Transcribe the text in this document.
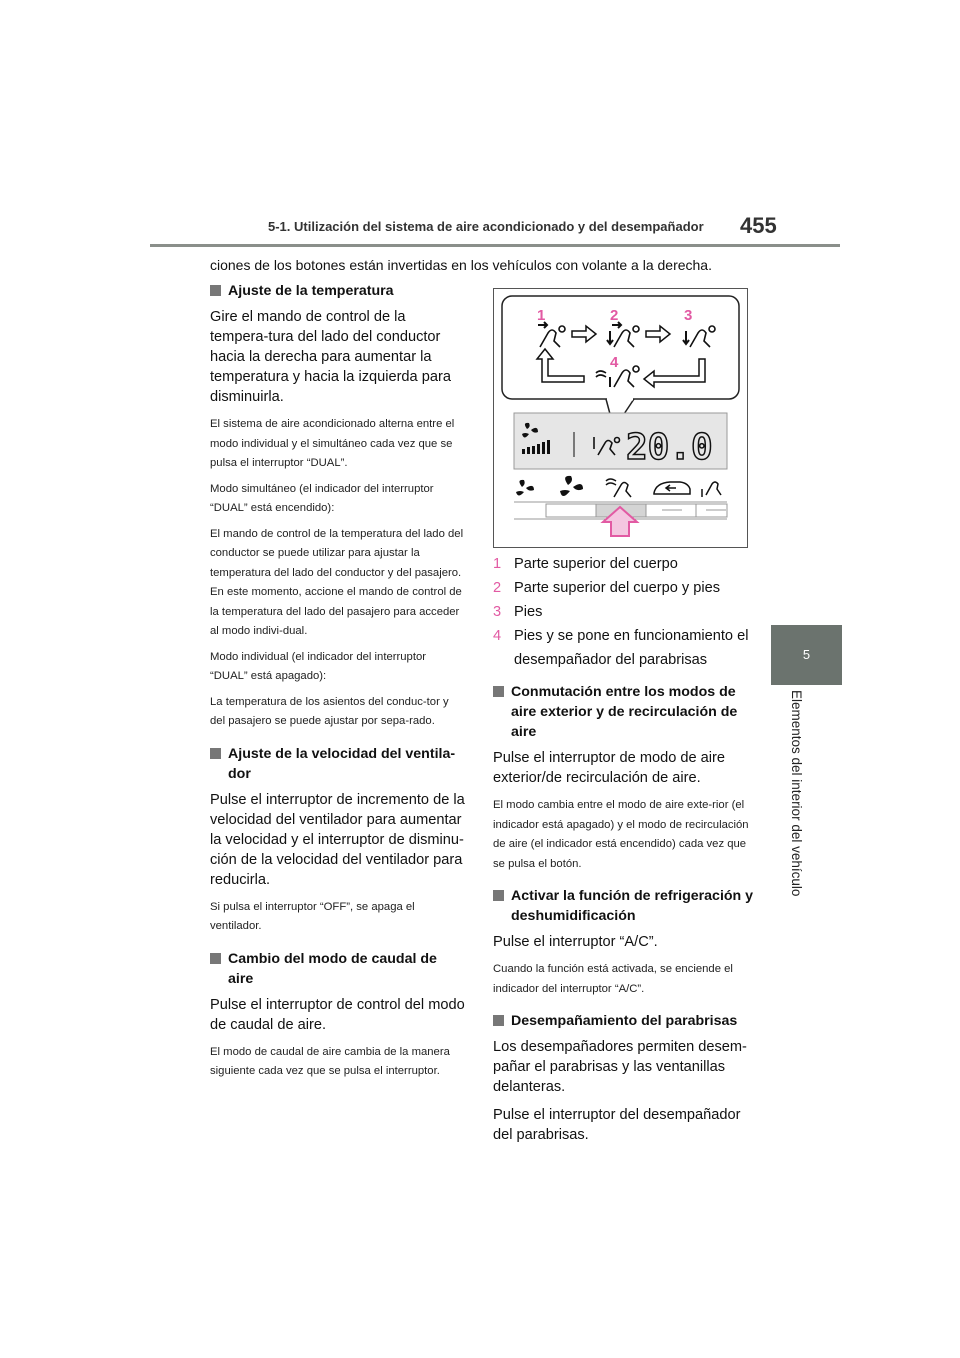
5-1. Utilización del sistema de aire acondicionado y del desempañador 455
5
Elementos del interior del vehículo
ciones de los botones están invertidas en los vehículos con volante a la derecha.
Ajuste de la temperatura

Gire el mando de control de la tempera-tura del lado del conductor hacia la derecha para aumentar la temperatura y hacia la izquierda para disminuirla.

El sistema de aire acondicionado alterna entre el modo individual y el simultáneo cada vez que se pulsa el interruptor “DUAL”.

Modo simultáneo (el indicador del interruptor “DUAL” está encendido):

El mando de control de la temperatura del lado del conductor se puede utilizar para ajustar la temperatura del lado del conductor y del pasajero. En este momento, accione el mando de control de la temperatura del lado del pasajero para acceder al modo indivi-dual.

Modo individual (el indicador del interruptor “DUAL” está apagado):

La temperatura de los asientos del conduc-tor y del pasajero se puede ajustar por sepa-rado.

Ajuste de la velocidad del ventila-dor

Pulse el interruptor de incremento de la velocidad del ventilador para aumentar la velocidad y el interruptor de disminu-ción de la velocidad del ventilador para reducirla.

Si pulsa el interruptor “OFF”, se apaga el ventilador.

Cambio del modo de caudal de aire

Pulse el interruptor de control del modo de caudal de aire.

El modo de caudal de aire cambia de la manera siguiente cada vez que se pulsa el interruptor.

1	2	3
4
20.0
1 Parte superior del cuerpo
2 Parte superior del cuerpo y pies
3 Pies
4 Pies y se pone en funcionamiento el desempañador del parabrisas
Conmutación entre los modos de aire exterior y de recirculación de aire

Pulse el interruptor de modo de aire exterior/de recirculación de aire.

El modo cambia entre el modo de aire exte-rior (el indicador está apagado) y el modo de recirculación de aire (el indicador está encendido) cada vez que se pulsa el botón.

Activar la función de refrigeración y deshumidificación

Pulse el interruptor “A/C”.

Cuando la función está activada, se enciende el indicador del interruptor “A/C”.

Desempañamiento del parabrisas

Los desempañadores permiten desem-pañar el parabrisas y las ventanillas delanteras.

Pulse el interruptor del desempañador del parabrisas.
